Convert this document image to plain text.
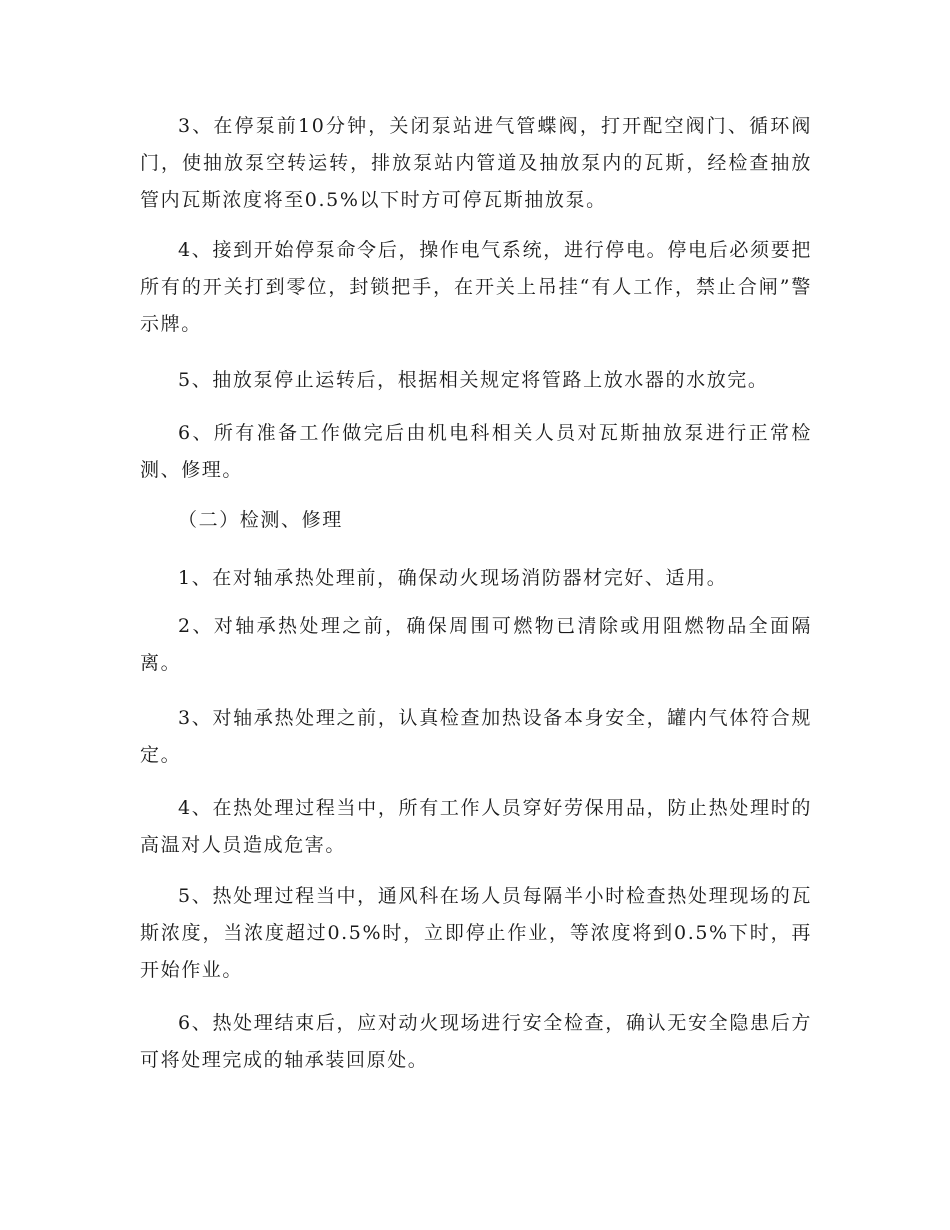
3、在停泵前10分钟，关闭泵站进气管蝶阀，打开配空阀门、循环阀门，使抽放泵空转运转，排放泵站内管道及抽放泵内的瓦斯，经检查抽放管内瓦斯浓度将至0.5%以下时方可停瓦斯抽放泵。

4、接到开始停泵命令后，操作电气系统，进行停电。停电后必须要把所有的开关打到零位，封锁把手，在开关上吊挂“有人工作，禁止合闸”警示牌。

5、抽放泵停止运转后，根据相关规定将管路上放水器的水放完。

6、所有准备工作做完后由机电科相关人员对瓦斯抽放泵进行正常检测、修理。

（二）检测、修理

1、在对轴承热处理前，确保动火现场消防器材完好、适用。

2、对轴承热处理之前，确保周围可燃物已清除或用阻燃物品全面隔离。

3、对轴承热处理之前，认真检查加热设备本身安全，罐内气体符合规定。

4、在热处理过程当中，所有工作人员穿好劳保用品，防止热处理时的高温对人员造成危害。

5、热处理过程当中，通风科在场人员每隔半小时检查热处理现场的瓦斯浓度，当浓度超过0.5%时，立即停止作业，等浓度将到0.5%下时，再开始作业。

6、热处理结束后，应对动火现场进行安全检查，确认无安全隐患后方可将处理完成的轴承装回原处。
